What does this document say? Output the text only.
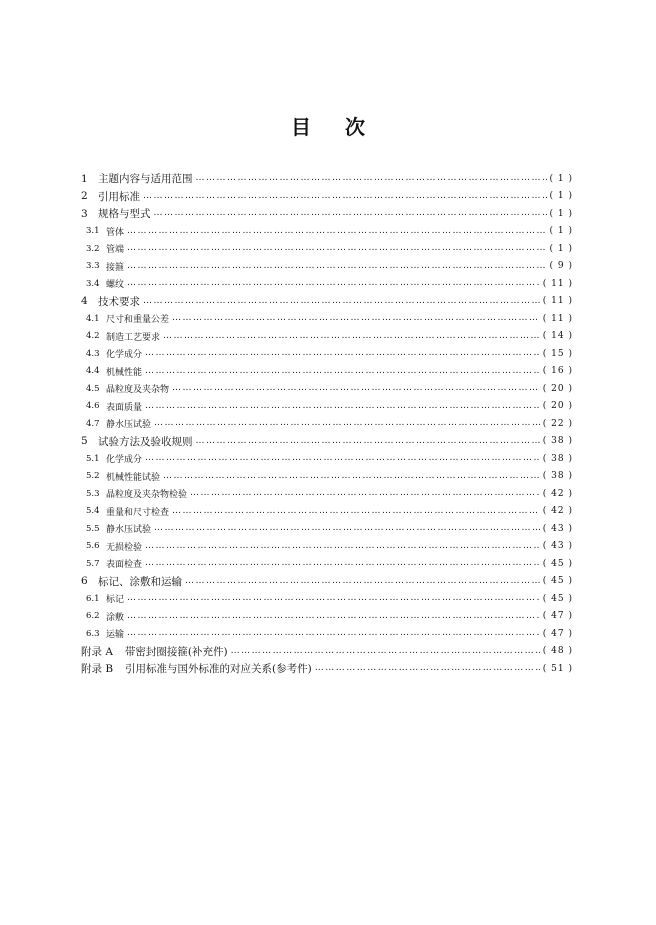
目 次
1 主题内容与适用范围 …………………………………………………………………………………………………………………………………………………………………………………………………………	( 1 )
2 引用标准 …………………………………………………………………………………………………………………………………………………………………………………………………………	( 1 )
3 规格与型式 …………………………………………………………………………………………………………………………………………………………………………………………………………	( 1 )
3.1 管体 …………………………………………………………………………………………………………………………………………………………………………………………………………	( 1 )
3.2 管端 …………………………………………………………………………………………………………………………………………………………………………………………………………	( 1 )
3.3 接箍 …………………………………………………………………………………………………………………………………………………………………………………………………………	( 9 )
3.4 螺纹 …………………………………………………………………………………………………………………………………………………………………………………………………………	( 11 )
4 技术要求 …………………………………………………………………………………………………………………………………………………………………………………………………………	( 11 )
4.1 尺寸和重量公差 …………………………………………………………………………………………………………………………………………………………………………………………………………	( 11 )
4.2 制造工艺要求 …………………………………………………………………………………………………………………………………………………………………………………………………………	( 14 )
4.3 化学成分 …………………………………………………………………………………………………………………………………………………………………………………………………………	( 15 )
4.4 机械性能 …………………………………………………………………………………………………………………………………………………………………………………………………………	( 16 )
4.5 晶粒度及夹杂物 …………………………………………………………………………………………………………………………………………………………………………………………………………	( 20 )
4.6 表面质量 …………………………………………………………………………………………………………………………………………………………………………………………………………	( 20 )
4.7 静水压试验 …………………………………………………………………………………………………………………………………………………………………………………………………………	( 22 )
5 试验方法及验收规则 …………………………………………………………………………………………………………………………………………………………………………………………………………	( 38 )
5.1 化学成分 …………………………………………………………………………………………………………………………………………………………………………………………………………	( 38 )
5.2 机械性能试验 …………………………………………………………………………………………………………………………………………………………………………………………………………	( 38 )
5.3 晶粒度及夹杂物检验 …………………………………………………………………………………………………………………………………………………………………………………………………………	( 42 )
5.4 重量和尺寸检查 …………………………………………………………………………………………………………………………………………………………………………………………………………	( 42 )
5.5 静水压试验 …………………………………………………………………………………………………………………………………………………………………………………………………………	( 43 )
5.6 无损检验 …………………………………………………………………………………………………………………………………………………………………………………………………………	( 43 )
5.7 表面检查 …………………………………………………………………………………………………………………………………………………………………………………………………………	( 45 )
6 标记、涂敷和运输 …………………………………………………………………………………………………………………………………………………………………………………………………………	( 45 )
6.1 标记 …………………………………………………………………………………………………………………………………………………………………………………………………………	( 45 )
6.2 涂敷 …………………………………………………………………………………………………………………………………………………………………………………………………………	( 47 )
6.3 运输 …………………………………………………………………………………………………………………………………………………………………………………………………………	( 47 )
附录 A 带密封圈接箍(补充件) …………………………………………………………………………………………………………………………………………………………………………………………………………	( 48 )
附录 B 引用标准与国外标准的对应关系(参考件) …………………………………………………………………………………………………………………………………………………………………………………………………………	( 51 )
